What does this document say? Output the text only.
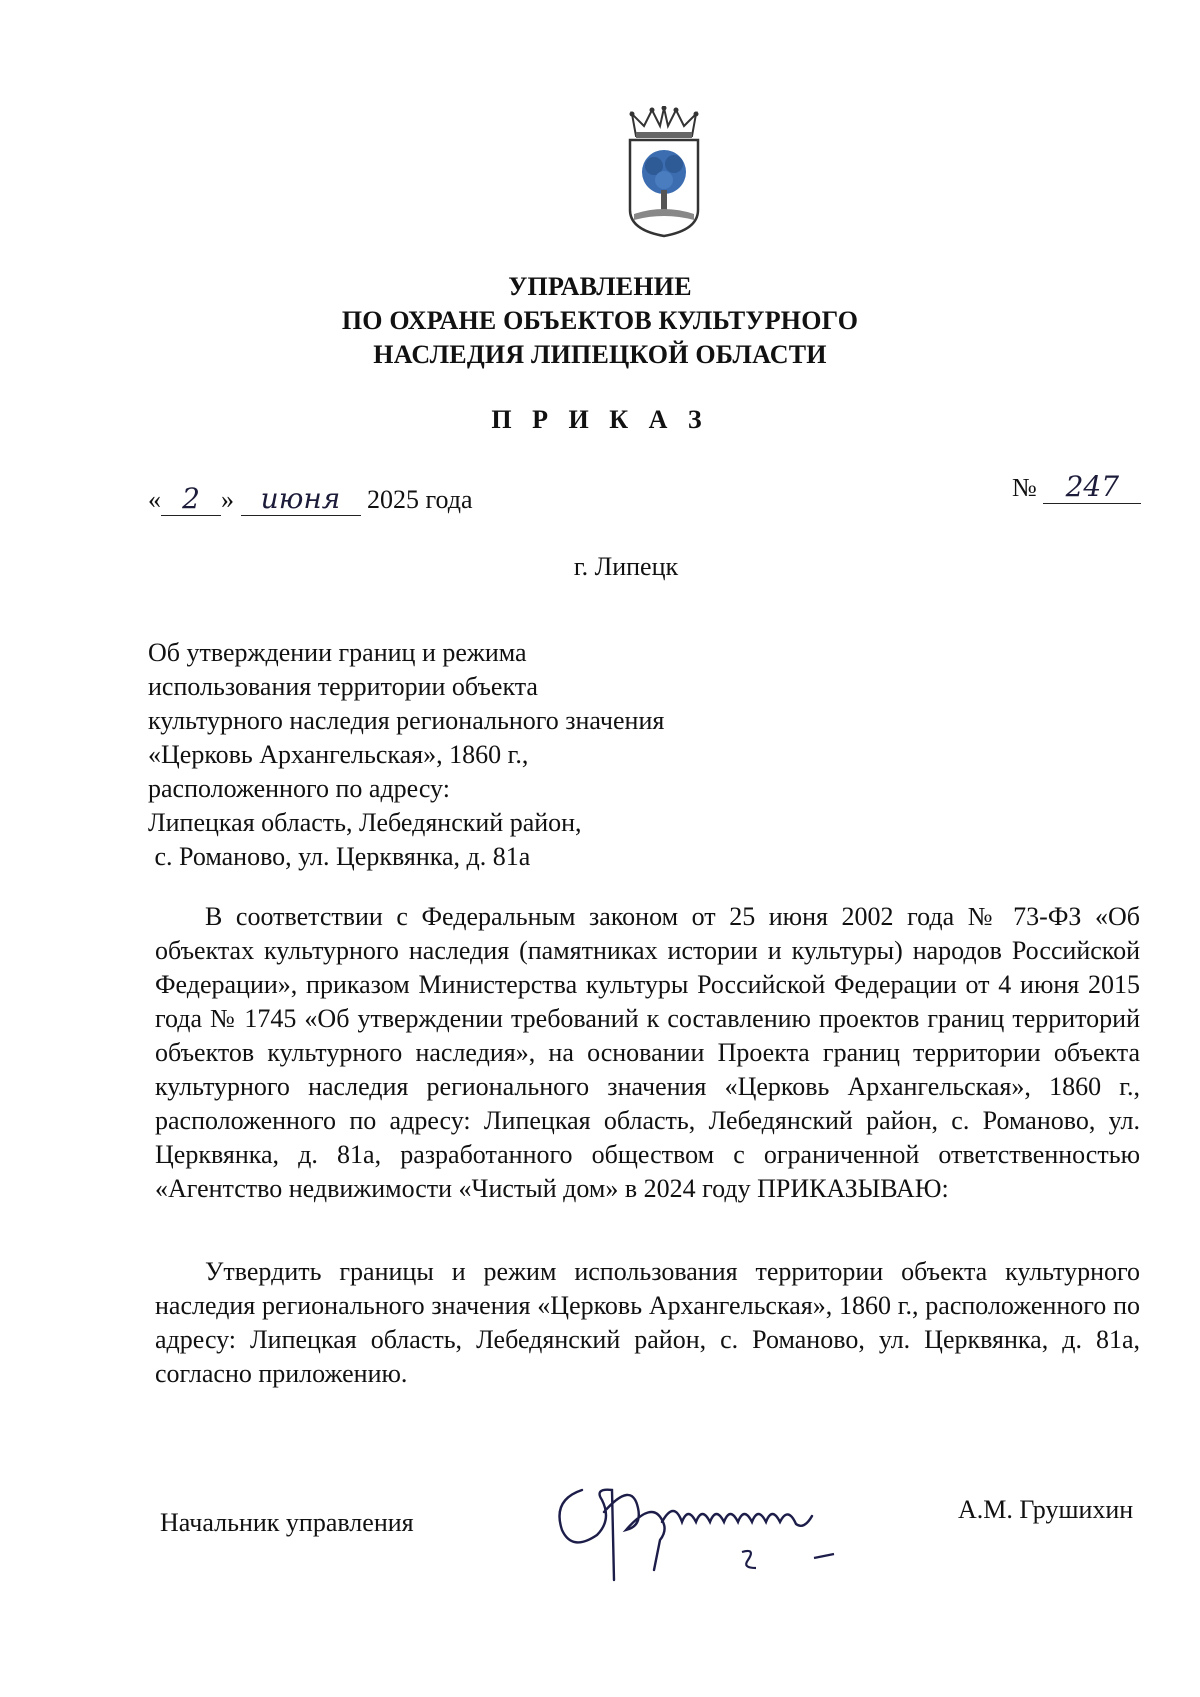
УПРАВЛЕНИЕ
ПО ОХРАНЕ ОБЪЕКТОВ КУЛЬТУРНОГО
НАСЛЕДИЯ ЛИПЕЦКОЙ ОБЛАСТИ
П Р И К А З
« 2 » июня 2025 года	№ 247
г. Липецк
Об утверждении границ и режима
использования территории объекта
культурного наследия регионального значения
«Церковь Архангельская», 1860 г.,
расположенного по адресу:
Липецкая область, Лебедянский район,
с. Романово, ул. Церквянка, д. 81а
В соответствии с Федеральным законом от 25 июня 2002 года № 73-ФЗ «Об объектах культурного наследия (памятниках истории и культуры) народов Российской Федерации», приказом Министерства культуры Российской Федерации от 4 июня 2015 года № 1745 «Об утверждении требований к составлению проектов границ территорий объектов культурного наследия», на основании Проекта границ территории объекта культурного наследия регионального значения «Церковь Архангельская», 1860 г., расположенного по адресу: Липецкая область, Лебедянский район, с. Романово, ул. Церквянка, д. 81а, разработанного обществом с ограниченной ответственностью «Агентство недвижимости «Чистый дом» в 2024 году ПРИКАЗЫВАЮ:
Утвердить границы и режим использования территории объекта культурного наследия регионального значения «Церковь Архангельская», 1860 г., расположенного по адресу: Липецкая область, Лебедянский район, с. Романово, ул. Церквянка, д. 81а, согласно приложению.
Начальник управления	А.М. Грушихин
